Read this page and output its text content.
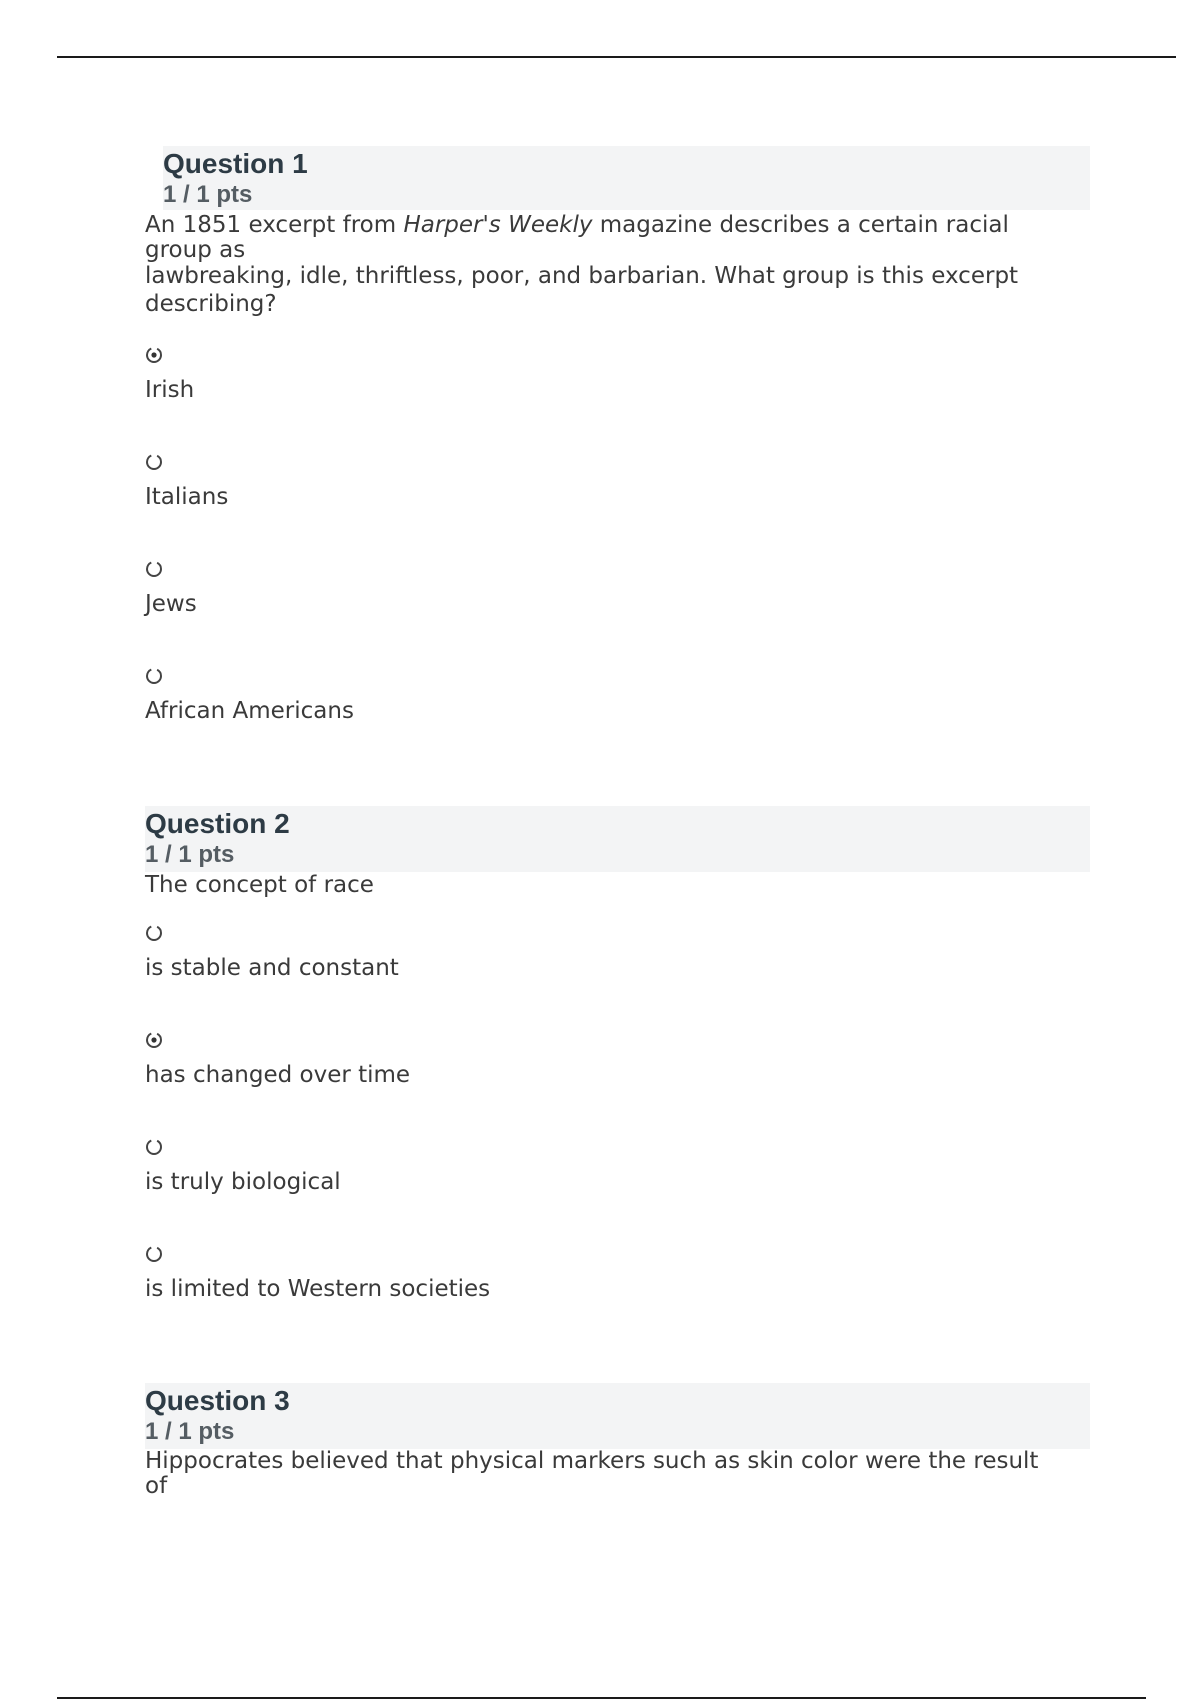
Question 1
1 / 1 pts
An 1851 excerpt from Harper's Weekly magazine describes a certain racial
group as
lawbreaking, idle, thriftless, poor, and barbarian. What group is this excerpt
describing?
Irish
Italians
Jews
African Americans
Question 2
1 / 1 pts
The concept of race
is stable and constant
has changed over time
is truly biological
is limited to Western societies
Question 3
1 / 1 pts
Hippocrates believed that physical markers such as skin color were the result
of
